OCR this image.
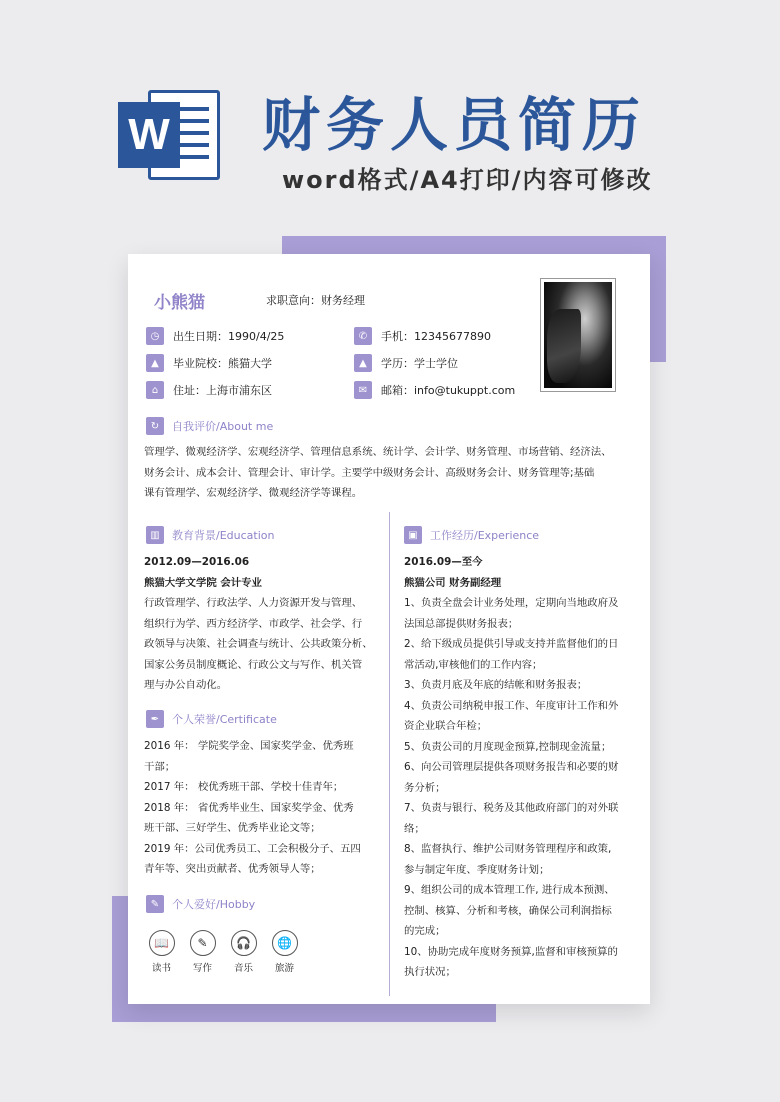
W 财务人员简历
word格式/A4打印/内容可修改
小熊猫	求职意向：财务经理
◷	出生日期：1990/4/25	✆	手机：12345677890
▲	毕业院校：熊猫大学	▲	学历：学士学位
⌂	住址：上海市浦东区	✉	邮箱：info@tukuppt.com
↻	自我评价/About me
管理学、微观经济学、宏观经济学、管理信息系统、统计学、会计学、财务管理、市场营销、经济法、
财务会计、成本会计、管理会计、审计学。主要学中级财务会计、高级财务会计、财务管理等;基础
课有管理学、宏观经济学、微观经济学等课程。
▥	教育背景/Education
2012.09—2016.06
熊猫大学文学院 会计专业
行政管理学、行政法学、人力资源开发与管理、
组织行为学、西方经济学、市政学、社会学、行
政领导与决策、社会调查与统计、公共政策分析、
国家公务员制度概论、行政公文与写作、机关管
理与办公自动化。
✒	个人荣誉/Certificate
2016 年： 学院奖学金、国家奖学金、优秀班
干部；
2017 年： 校优秀班干部、学校十佳青年；
2018 年： 省优秀毕业生、国家奖学金、优秀
班干部、三好学生、优秀毕业论文等；
2019 年：公司优秀员工、工会积极分子、五四
青年等、突出贡献者、优秀领导人等；
✎	个人爱好/Hobby
📖
读书
✎
写作
🎧
音乐
🌐
旅游
▣	工作经历/Experience
2016.09—至今
熊猫公司 财务副经理
1、负责全盘会计业务处理，定期向当地政府及
法国总部提供财务报表；
2、给下级成员提供引导或支持并监督他们的日
常活动,审核他们的工作内容；
3、负责月底及年底的结帐和财务报表；
4、负责公司纳税申报工作、年度审计工作和外
资企业联合年检；
5、负责公司的月度现金预算,控制现金流量；
6、向公司管理层提供各项财务报告和必要的财
务分析；
7、负责与银行、税务及其他政府部门的对外联
络；
8、监督执行、维护公司财务管理程序和政策,
参与制定年度、季度财务计划；
9、组织公司的成本管理工作, 进行成本预测、
控制、核算、分析和考核，确保公司利润指标
的完成；
10、协助完成年度财务预算,监督和审核预算的
执行状况；
